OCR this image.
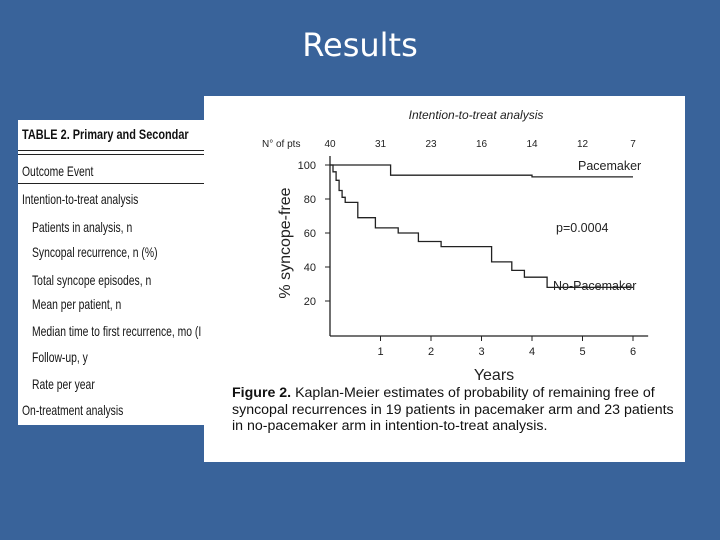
Results
TABLE 2. Primary and Secondar
Outcome Event
Intention-to-treat analysis
Patients in analysis, n
Syncopal recurrence, n (%)
Total syncope episodes, n
Mean per patient, n
Median time to first recurrence, mo (I
Follow-up, y
Rate per year
On-treatment analysis
Intention-to-treat analysis
N° of pts 40	31	23	16	14	12	7
% syncope-free
20
40
60
80
100
1	2	3	4	5	6
Years
Pacemaker
p=0.0004
No-Pacemaker
Figure 2. Kaplan-Meier estimates of probability of remaining free of syncopal recurrences in 19 patients in pacemaker arm and 23 patients in no-pacemaker arm in intention-to-treat analysis.
